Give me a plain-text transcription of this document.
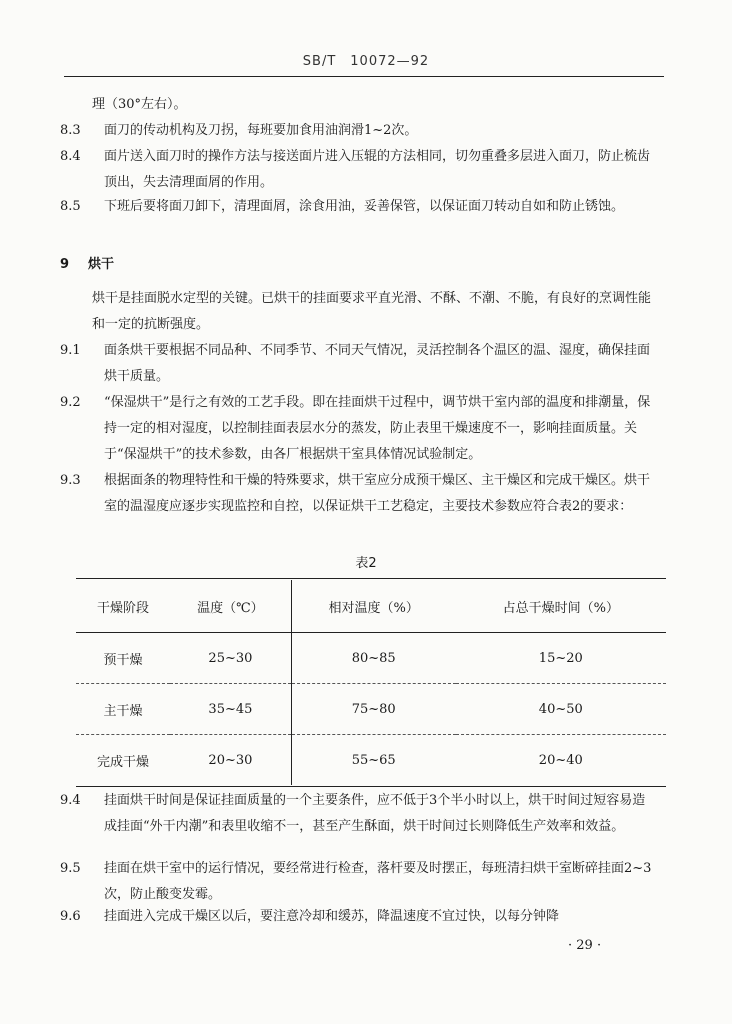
SB/T　10072—92
理（30°左右）。
8.3 面刀的传动机构及刀拐，每班要加食用油润滑1~2次。
8.4 面片送入面刀时的操作方法与接送面片进入压辊的方法相同，切勿重叠多层进入面刀，防止梳齿顶出，失去清理面屑的作用。
8.5 下班后要将面刀卸下，清理面屑，涂食用油，妥善保管，以保证面刀转动自如和防止锈蚀。
9 烘干
烘干是挂面脱水定型的关键。已烘干的挂面要求平直光滑、不酥、不潮、不脆，有良好的烹调性能和一定的抗断强度。
9.1 面条烘干要根据不同品种、不同季节、不同天气情况，灵活控制各个温区的温、湿度，确保挂面烘干质量。
9.2 “保湿烘干”是行之有效的工艺手段。即在挂面烘干过程中，调节烘干室内部的温度和排潮量，保持一定的相对湿度，以控制挂面表层水分的蒸发，防止表里干燥速度不一，影响挂面质量。关于“保湿烘干”的技术参数，由各厂根据烘干室具体情况试验制定。
9.3 根据面条的物理特性和干燥的特殊要求，烘干室应分成预干燥区、主干燥区和完成干燥区。烘干室的温湿度应逐步实现监控和自控，以保证烘干工艺稳定，主要技术参数应符合表2的要求：
表2
干燥阶段	温度（℃）	相对温度（%）	占总干燥时间（%）
预干燥	25~30	80~85	15~20
主干燥	35~45	75~80	40~50
完成干燥	20~30	55~65	20~40
9.4 挂面烘干时间是保证挂面质量的一个主要条件，应不低于3个半小时以上，烘干时间过短容易造成挂面“外干内潮”和表里收缩不一，甚至产生酥面，烘干时间过长则降低生产效率和效益。
9.5 挂面在烘干室中的运行情况，要经常进行检查，落杆要及时摆正，每班清扫烘干室断碎挂面2~3次，防止酸变发霉。
9.6 挂面进入完成干燥区以后，要注意冷却和缓苏，降温速度不宜过快，以每分钟降
· 29 ·
